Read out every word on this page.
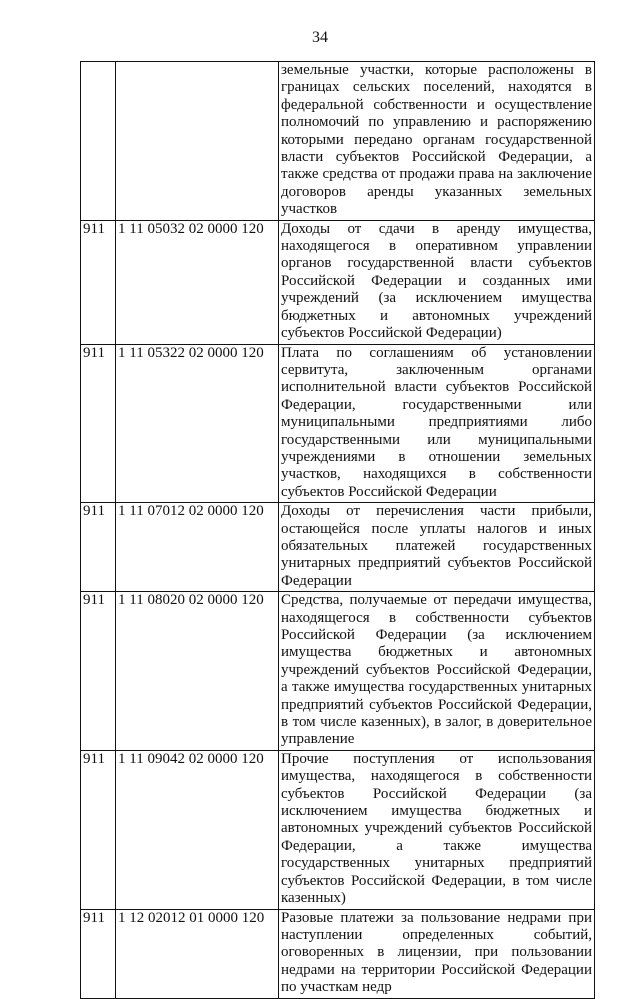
34
		земельные участки, которые расположены в границах сельских поселений, находятся в федеральной собственности и осуществление полномочий по управлению и распоряжению которыми передано органам государственной власти субъектов Российской Федерации, а также средства от продажи права на заключение договоров аренды указанных земельных участков
911	1 11 05032 02 0000 120	Доходы от сдачи в аренду имущества, находящегося в оперативном управлении органов государственной власти субъектов Российской Федерации и созданных ими учреждений (за исключением имущества бюджетных и автономных учреждений субъектов Российской Федерации)
911	1 11 05322 02 0000 120	Плата по соглашениям об установлении сервитута, заключенным органами исполнительной власти субъектов Российской Федерации, государственными или муниципальными предприятиями либо государственными или муниципальными учреждениями в отношении земельных участков, находящихся в собственности субъектов Российской Федерации
911	1 11 07012 02 0000 120	Доходы от перечисления части прибыли, остающейся после уплаты налогов и иных обязательных платежей государственных унитарных предприятий субъектов Российской Федерации
911	1 11 08020 02 0000 120	Средства, получаемые от передачи имущества, находящегося в собственности субъектов Российской Федерации (за исключением имущества бюджетных и автономных учреждений субъектов Российской Федерации, а также имущества государственных унитарных предприятий субъектов Российской Федерации, в том числе казенных), в залог, в доверительное управление
911	1 11 09042 02 0000 120	Прочие поступления от использования имущества, находящегося в собственности субъектов Российской Федерации (за исключением имущества бюджетных и автономных учреждений субъектов Российской Федерации, а также имущества государственных унитарных предприятий субъектов Российской Федерации, в том числе казенных)
911	1 12 02012 01 0000 120	Разовые платежи за пользование недрами при наступлении определенных событий, оговоренных в лицензии, при пользовании недрами на территории Российской Федерации по участкам недр
